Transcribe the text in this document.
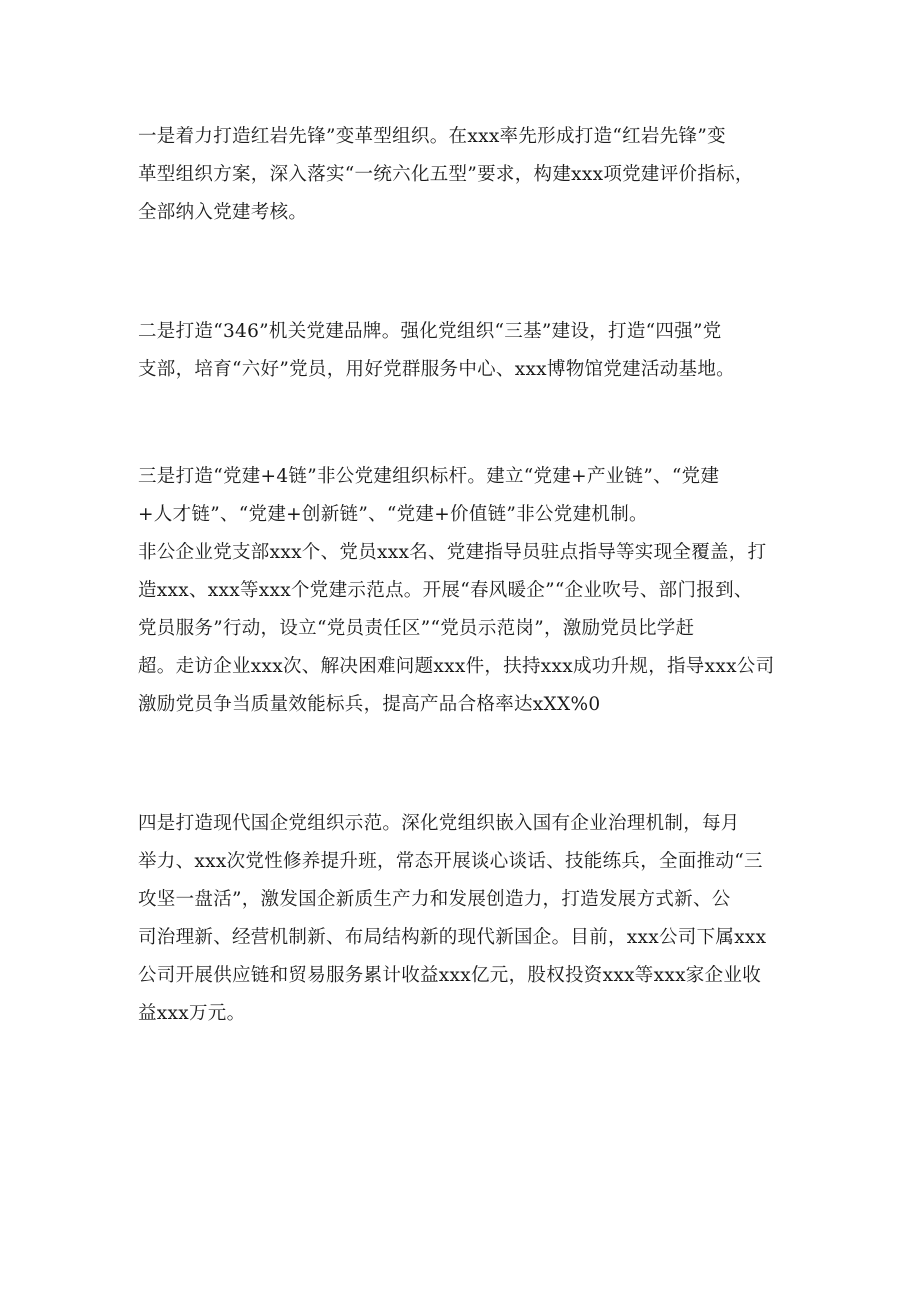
一是着力打造红岩先锋”变革型组织。在xxx率先形成打造“红岩先锋”变
革型组织方案，深入落实“一统六化五型”要求，构建xxx项党建评价指标，
全部纳入党建考核。

二是打造“346”机关党建品牌。强化党组织“三基”建设，打造“四强”党
支部，培育“六好”党员，用好党群服务中心、xxx博物馆党建活动基地。

三是打造“党建+4链”非公党建组织标杆。建立“党建+产业链”、“党建
+人才链”、“党建+创新链”、“党建+价值链”非公党建机制。
非公企业党支部xxx个、党员xxx名、党建指导员驻点指导等实现全覆盖，打
造xxx、xxx等xxx个党建示范点。开展“春风暖企”“企业吹号、部门报到、
党员服务”行动，设立“党员责任区”“党员示范岗”，激励党员比学赶
超。走访企业xxx次、解决困难问题xxx件，扶持xxx成功升规，指导xxx公司
激励党员争当质量效能标兵，提高产品合格率达xXX%0

四是打造现代国企党组织示范。深化党组织嵌入国有企业治理机制，每月
举力、xxx次党性修养提升班，常态开展谈心谈话、技能练兵，全面推动“三
攻坚一盘活”，激发国企新质生产力和发展创造力，打造发展方式新、公
司治理新、经营机制新、布局结构新的现代新国企。目前，xxx公司下属xxx
公司开展供应链和贸易服务累计收益xxx亿元，股权投资xxx等xxx家企业收
益xxx万元。
